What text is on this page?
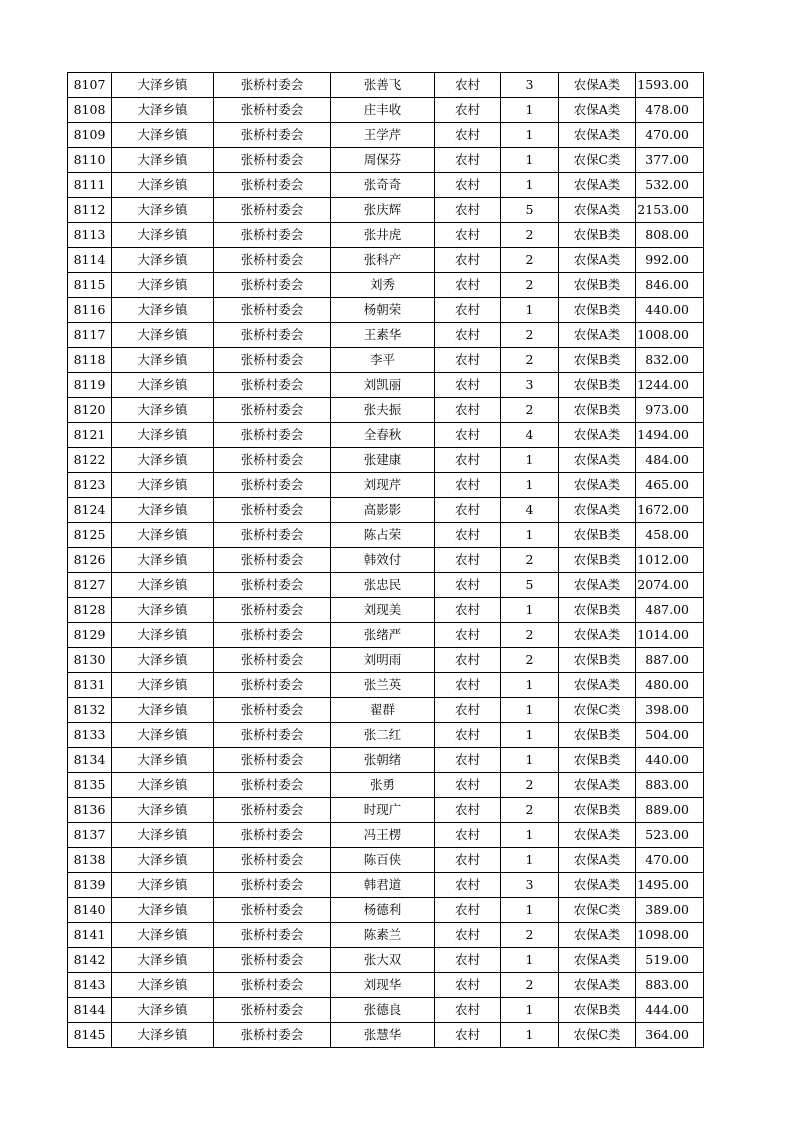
8107	大泽乡镇	张桥村委会	张善飞	农村	3	农保A类	1593.00
8108	大泽乡镇	张桥村委会	庄丰收	农村	1	农保A类	478.00
8109	大泽乡镇	张桥村委会	王学芹	农村	1	农保A类	470.00
8110	大泽乡镇	张桥村委会	周保芬	农村	1	农保C类	377.00
8111	大泽乡镇	张桥村委会	张奇奇	农村	1	农保A类	532.00
8112	大泽乡镇	张桥村委会	张庆辉	农村	5	农保A类	2153.00
8113	大泽乡镇	张桥村委会	张井虎	农村	2	农保B类	808.00
8114	大泽乡镇	张桥村委会	张科产	农村	2	农保A类	992.00
8115	大泽乡镇	张桥村委会	刘秀	农村	2	农保B类	846.00
8116	大泽乡镇	张桥村委会	杨朝荣	农村	1	农保B类	440.00
8117	大泽乡镇	张桥村委会	王素华	农村	2	农保A类	1008.00
8118	大泽乡镇	张桥村委会	李平	农村	2	农保B类	832.00
8119	大泽乡镇	张桥村委会	刘凯丽	农村	3	农保B类	1244.00
8120	大泽乡镇	张桥村委会	张夫振	农村	2	农保B类	973.00
8121	大泽乡镇	张桥村委会	全春秋	农村	4	农保A类	1494.00
8122	大泽乡镇	张桥村委会	张建康	农村	1	农保A类	484.00
8123	大泽乡镇	张桥村委会	刘现芹	农村	1	农保A类	465.00
8124	大泽乡镇	张桥村委会	高影影	农村	4	农保A类	1672.00
8125	大泽乡镇	张桥村委会	陈占荣	农村	1	农保B类	458.00
8126	大泽乡镇	张桥村委会	韩效付	农村	2	农保B类	1012.00
8127	大泽乡镇	张桥村委会	张忠民	农村	5	农保A类	2074.00
8128	大泽乡镇	张桥村委会	刘现美	农村	1	农保B类	487.00
8129	大泽乡镇	张桥村委会	张绪严	农村	2	农保A类	1014.00
8130	大泽乡镇	张桥村委会	刘明雨	农村	2	农保B类	887.00
8131	大泽乡镇	张桥村委会	张兰英	农村	1	农保A类	480.00
8132	大泽乡镇	张桥村委会	翟群	农村	1	农保C类	398.00
8133	大泽乡镇	张桥村委会	张二红	农村	1	农保B类	504.00
8134	大泽乡镇	张桥村委会	张朝绪	农村	1	农保B类	440.00
8135	大泽乡镇	张桥村委会	张勇	农村	2	农保A类	883.00
8136	大泽乡镇	张桥村委会	时现广	农村	2	农保B类	889.00
8137	大泽乡镇	张桥村委会	冯王楞	农村	1	农保A类	523.00
8138	大泽乡镇	张桥村委会	陈百侠	农村	1	农保A类	470.00
8139	大泽乡镇	张桥村委会	韩君道	农村	3	农保A类	1495.00
8140	大泽乡镇	张桥村委会	杨德利	农村	1	农保C类	389.00
8141	大泽乡镇	张桥村委会	陈素兰	农村	2	农保A类	1098.00
8142	大泽乡镇	张桥村委会	张大双	农村	1	农保A类	519.00
8143	大泽乡镇	张桥村委会	刘现华	农村	2	农保A类	883.00
8144	大泽乡镇	张桥村委会	张德良	农村	1	农保B类	444.00
8145	大泽乡镇	张桥村委会	张慧华	农村	1	农保C类	364.00
